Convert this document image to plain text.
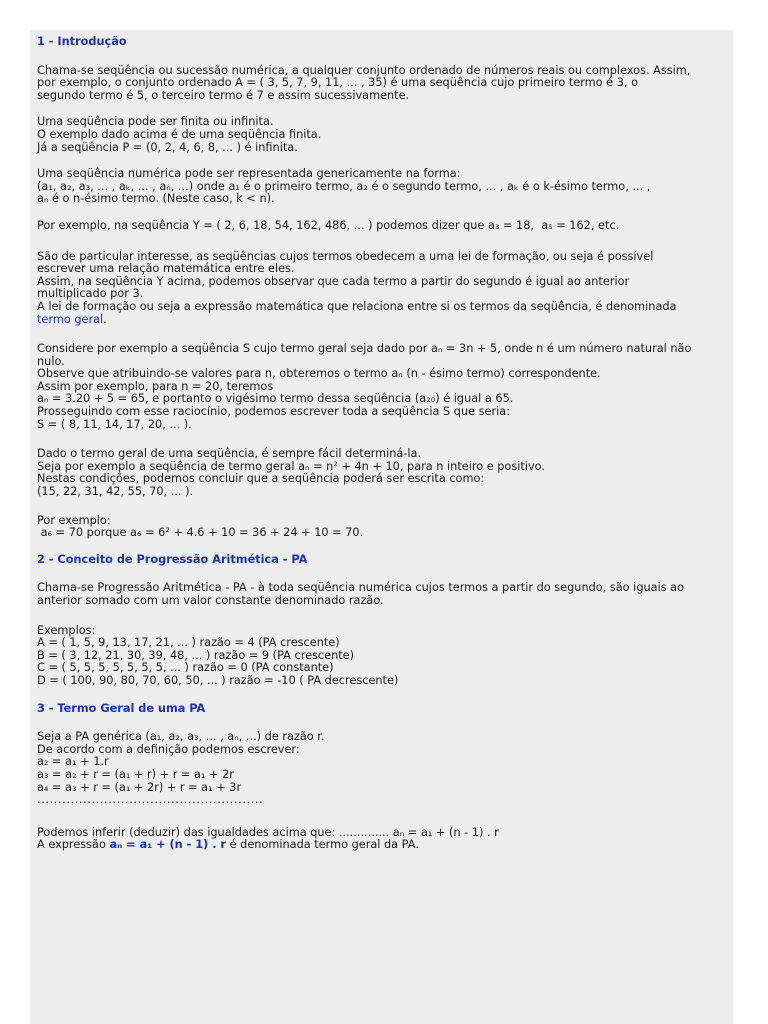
1 - Introdução
Chama-se seqüência ou sucessão numérica, a qualquer conjunto ordenado de números reais ou complexos. Assim,
por exemplo, o conjunto ordenado A = ( 3, 5, 7, 9, 11, ... , 35) é uma seqüência cujo primeiro termo é 3, o
segundo termo é 5, o terceiro termo é 7 e assim sucessivamente.
Uma seqüência pode ser finita ou infinita.
O exemplo dado acima é de uma seqüência finita.
Já a seqüência P = (0, 2, 4, 6, 8, ... ) é infinita.
Uma seqüência numérica pode ser representada genericamente na forma:
(a₁, a₂, a₃, ... , aₖ, ... , aₙ, ...) onde a₁ é o primeiro termo, a₂ é o segundo termo, ... , aₖ é o k-ésimo termo, ... ,
aₙ é o n-ésimo termo. (Neste caso, k < n).
Por exemplo, na seqüência Y = ( 2, 6, 18, 54, 162, 486, ... ) podemos dizer que a₃ = 18,  a₅ = 162, etc.
São de particular interesse, as seqüências cujos termos obedecem a uma lei de formação, ou seja é possível
escrever uma relação matemática entre eles.
Assim, na seqüência Y acima, podemos observar que cada termo a partir do segundo é igual ao anterior
multiplicado por 3.
A lei de formação ou seja a expressão matemática que relaciona entre si os termos da seqüência, é denominada
termo geral.
Considere por exemplo a seqüência S cujo termo geral seja dado por aₙ = 3n + 5, onde n é um número natural não
nulo.
Observe que atribuindo-se valores para n, obteremos o termo aₙ (n - ésimo termo) correspondente.
Assim por exemplo, para n = 20, teremos
aₙ = 3.20 + 5 = 65, e portanto o vigésimo termo dessa seqüência (a₂₀) é igual a 65.
Prosseguindo com esse raciocínio, podemos escrever toda a seqüência S que seria:
S = ( 8, 11, 14, 17, 20, ... ).
Dado o termo geral de uma seqüência, é sempre fácil determiná-la.
Seja por exemplo a seqüência de termo geral aₙ = n² + 4n + 10, para n inteiro e positivo.
Nestas condições, podemos concluir que a seqüência poderá ser escrita como:
(15, 22, 31, 42, 55, 70, ... ).
Por exemplo:
a₆ = 70 porque a₆ = 6² + 4.6 + 10 = 36 + 24 + 10 = 70.
2 - Conceito de Progressão Aritmética - PA
Chama-se Progressão Aritmética - PA - à toda seqüência numérica cujos termos a partir do segundo, são iguais ao
anterior somado com um valor constante denominado razão.
Exemplos:
A = ( 1, 5, 9, 13, 17, 21, ... ) razão = 4 (PA crescente)
B = ( 3, 12, 21, 30, 39, 48, ... ) razão = 9 (PA crescente)
C = ( 5, 5, 5, 5, 5, 5, 5, ... ) razão = 0 (PA constante)
D = ( 100, 90, 80, 70, 60, 50, ... ) razão = -10 ( PA decrescente)
3 - Termo Geral de uma PA
Seja a PA genérica (a₁, a₂, a₃, ... , aₙ, ...) de razão r.
De acordo com a definição podemos escrever:
a₂ = a₁ + 1.r
a₃ = a₂ + r = (a₁ + r) + r = a₁ + 2r
a₄ = a₃ + r = (a₁ + 2r) + r = a₁ + 3r
......................................................
Podemos inferir (deduzir) das igualdades acima que: .............. aₙ = a₁ + (n - 1) . r
A expressão aₙ = a₁ + (n - 1) . r é denominada termo geral da PA.
